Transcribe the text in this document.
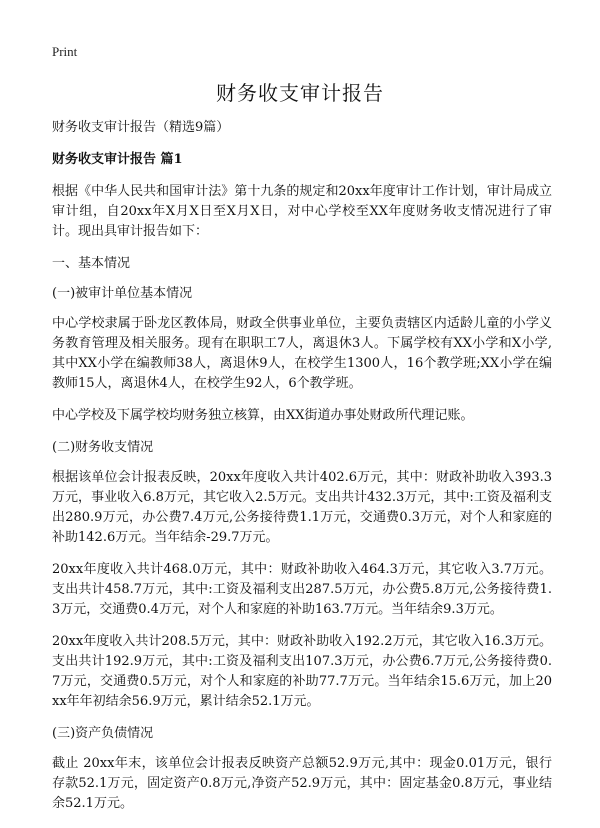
Print
财务收支审计报告

财务收支审计报告（精选9篇）

财务收支审计报告 篇1

根据《中华人民共和国审计法》第十九条的规定和20xx年度审计工作计划，审计局成立审计组，自20xx年X月X日至X月X日，对中心学校至XX年度财务收支情况进行了审计。现出具审计报告如下：

一、基本情况

(一)被审计单位基本情况

中心学校隶属于卧龙区教体局，财政全供事业单位，主要负责辖区内适龄儿童的小学义务教育管理及相关服务。现有在职职工7人，离退休3人。下属学校有XX小学和X小学,其中XX小学在编教师38人，离退休9人，在校学生1300人，16个教学班;XX小学在编教师15人，离退休4人，在校学生92人，6个教学班。

中心学校及下属学校均财务独立核算，由XX街道办事处财政所代理记账。

(二)财务收支情况

根据该单位会计报表反映，20xx年度收入共计402.6万元，其中：财政补助收入393.3万元，事业收入6.8万元，其它收入2.5万元。支出共计432.3万元，其中:工资及福利支出280.9万元，办公费7.4万元,公务接待费1.1万元，交通费0.3万元，对个人和家庭的补助142.6万元。当年结余-29.7万元。

20xx年度收入共计468.0万元，其中：财政补助收入464.3万元，其它收入3.7万元。支出共计458.7万元，其中:工资及福利支出287.5万元，办公费5.8万元,公务接待费1.3万元，交通费0.4万元，对个人和家庭的补助163.7万元。当年结余9.3万元。

20xx年度收入共计208.5万元，其中：财政补助收入192.2万元，其它收入16.3万元。支出共计192.9万元，其中:工资及福利支出107.3万元，办公费6.7万元,公务接待费0.7万元，交通费0.5万元，对个人和家庭的补助77.7万元。当年结余15.6万元，加上20xx年年初结余56.9万元，累计结余52.1万元。

(三)资产负债情况

截止 20xx年末，该单位会计报表反映资产总额52.9万元,其中：现金0.01万元，银行存款52.1万元，固定资产0.8万元,净资产52.9万元，其中：固定基金0.8万元，事业结余52.1万元。
